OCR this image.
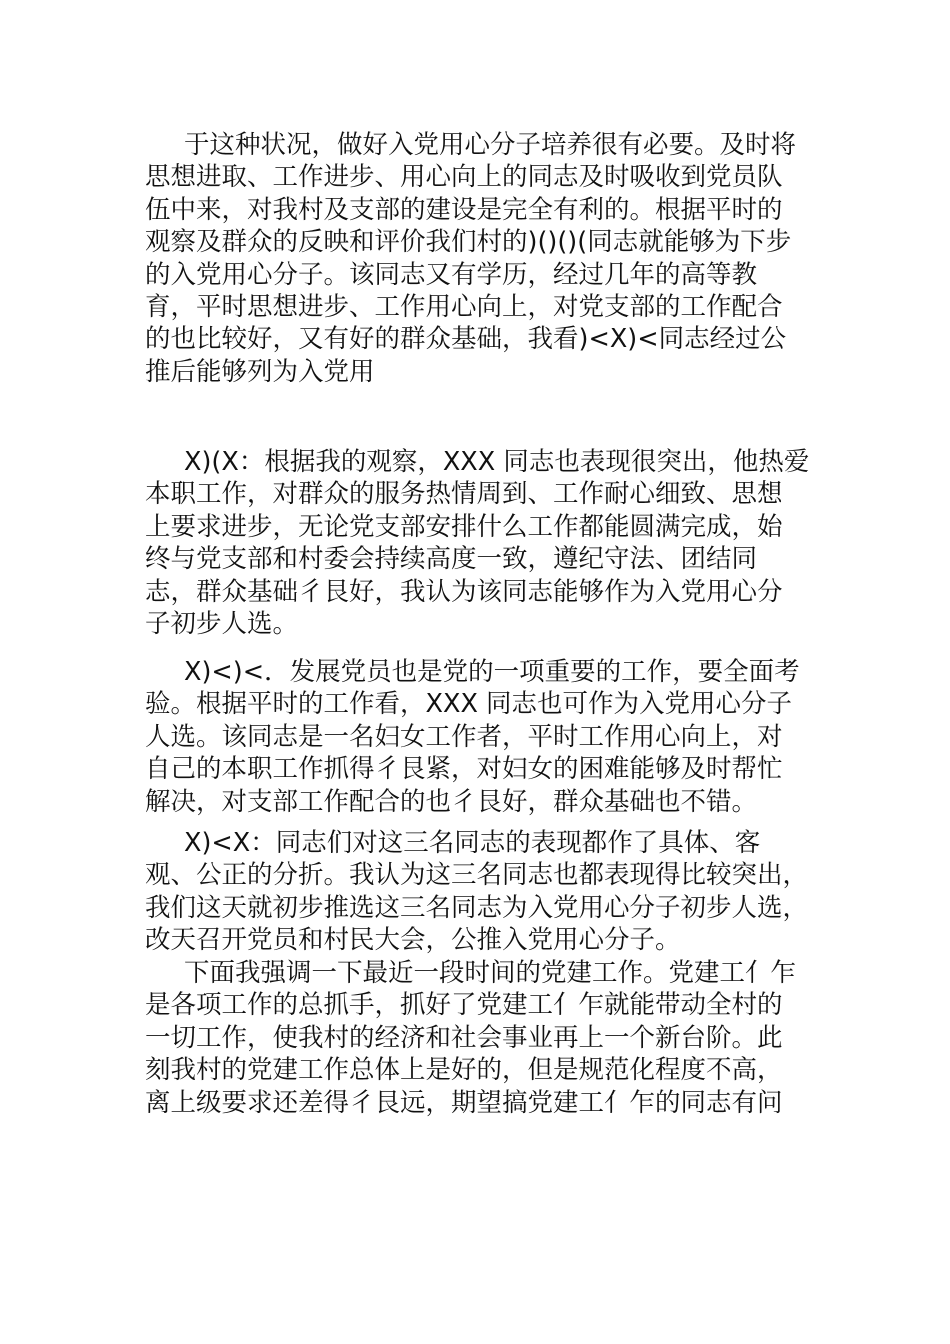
于这种状况，做好入党用心分子培养很有必要。及时将
思想进取、工作进步、用心向上的同志及时吸收到党员队
伍中来，对我村及支部的建设是完全有利的。根据平时的
观察及群众的反映和评价我们村的)()()(同志就能够为下步
的入党用心分子。该同志又有学历，经过几年的高等教
育，平时思想进步、工作用心向上，对党支部的工作配合
的也比较好，又有好的群众基础，我看)<X)<同志经过公
推后能够列为入党用
X)(X：根据我的观察，XXX 同志也表现很突出，他热爱
本职工作，对群众的服务热情周到、工作耐心细致、思想
上要求进步，无论党支部安排什么工作都能圆满完成，始
终与党支部和村委会持续高度一致，遵纪守法、团结同
志，群众基础彳艮好，我认为该同志能够作为入党用心分
子初步人选。
X)<)<．发展党员也是党的一项重要的工作，要全面考
验。根据平时的工作看，XXX 同志也可作为入党用心分子
人选。该同志是一名妇女工作者，平时工作用心向上，对
自己的本职工作抓得彳艮紧，对妇女的困难能够及时帮忙
解决，对支部工作配合的也彳艮好，群众基础也不错。
X)<X：同志们对这三名同志的表现都作了具体、客
观、公正的分折。我认为这三名同志也都表现得比较突出，
我们这天就初步推选这三名同志为入党用心分子初步人选，
改天召开党员和村民大会，公推入党用心分子。
下面我强调一下最近一段时间的党建工作。党建工亻乍
是各项工作的总抓手，抓好了党建工亻乍就能带动全村的
一切工作，使我村的经济和社会事业再上一个新台阶。此
刻我村的党建工作总体上是好的，但是规范化程度不高，
离上级要求还差得彳艮远，期望搞党建工亻乍的同志有问
